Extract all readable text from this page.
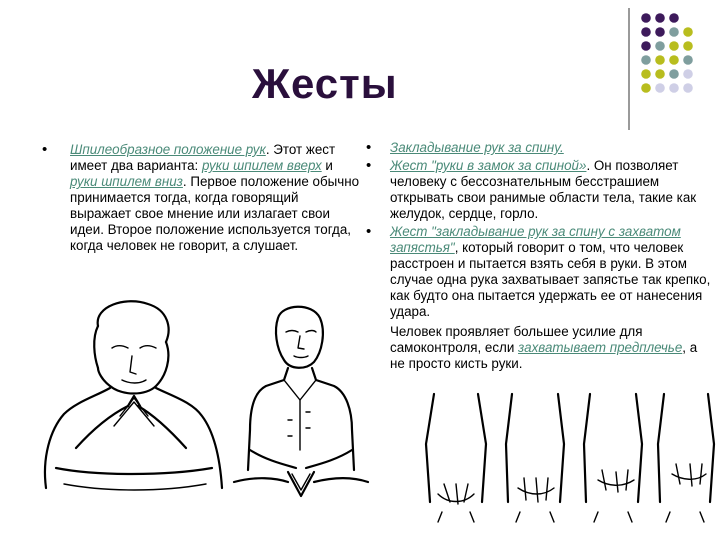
Жесты
• Шпилеобразное положение рук. Этот жест имеет два варианта: руки шпилем вверх и руки шпилем вниз. Первое положение обычно принимается тогда, когда говорящий выражает свое мнение или излагает свои идеи. Второе положение используется тогда, когда человек не говорит, а слушает.
• Закладывание рук за спину.
• Жест "руки в замок за спиной». Он позволяет человеку с бессознательным бесстрашием открывать свои ранимые области тела, такие как желудок, сердце, горло.
• Жест "закладывание рук за спину с захватом запястья", который говорит о том, что человек расстроен и пытается взять себя в руки. В этом случае одна рука захватывает запястье так крепко, как будто она пытается удержать ее от нанесения удара.
Человек проявляет большее усилие для самоконтроля, если захватывает предплечье, а не просто кисть руки.
